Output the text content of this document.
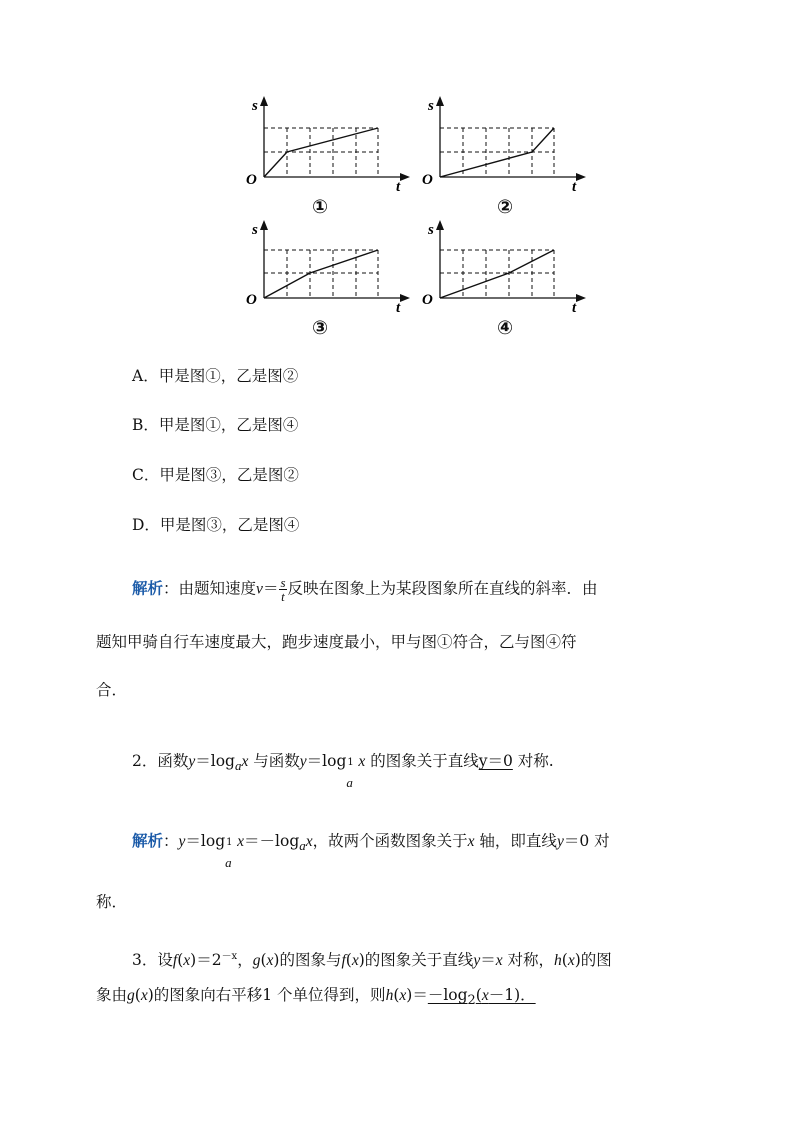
s
O	t
①
s
O	t
②
s
O	t
③
s
O	t
④
A．甲是图①，乙是图②
B．甲是图①，乙是图④
C．甲是图③，乙是图②
D．甲是图③，乙是图④
解析：由题知速度$v= \frac{s}{t}$ 反映在图象上为某段图象所在直线的斜率．由
题知甲骑自行车速度最大，跑步速度最小，甲与图①符合，乙与图④符
合．
2．函数$y=\log_ax$ 与函数y＝log 1
a
x 的图象关于直线y＝0 对称.
解析：y＝log 1
a
$x=-\log_ax$，故两个函数图象关于x 轴，即直线y＝0 对
称．
3．设$f(x)=2^{-x}$，g(x)的图象与f(x)的图象关于直线y＝x 对称，h(x)的图
象由g(x)的图象向右平移1 个单位得到，则$h(x)=-\log_2(x-1)$．
